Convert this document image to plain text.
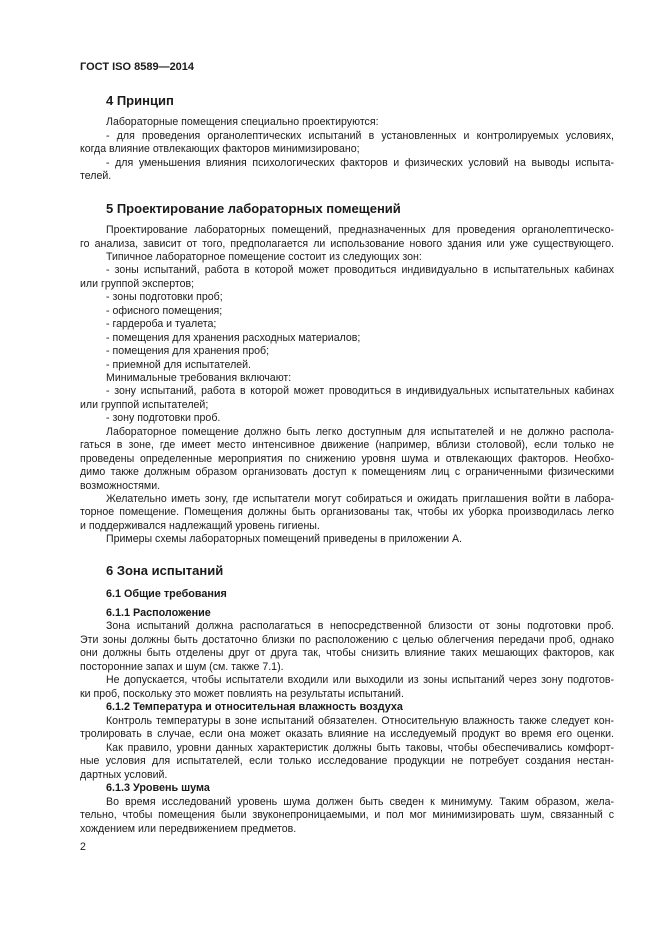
ГОСТ ISO 8589—2014
4 Принцип
Лабораторные помещения специально проектируются:
- для проведения органолептических испытаний в установленных и контролируемых условиях,
когда влияние отвлекающих факторов минимизировано;
- для уменьшения влияния психологических факторов и физических условий на выводы испыта-
телей.
5 Проектирование лабораторных помещений
Проектирование лабораторных помещений, предназначенных для проведения органолептическо-
го анализа, зависит от того, предполагается ли использование нового здания или уже существующего.
Типичное лабораторное помещение состоит из следующих зон:
- зоны испытаний, работа в которой может проводиться индивидуально в испытательных кабинах
или группой экспертов;
- зоны подготовки проб;
- офисного помещения;
- гардероба и туалета;
- помещения для хранения расходных материалов;
- помещения для хранения проб;
- приемной для испытателей.
Минимальные требования включают:
- зону испытаний, работа в которой может проводиться в индивидуальных испытательных кабинах
или группой испытателей;
- зону подготовки проб.
Лабораторное помещение должно быть легко доступным для испытателей и не должно распола-
гаться в зоне, где имеет место интенсивное движение (например, вблизи столовой), если только не
проведены определенные мероприятия по снижению уровня шума и отвлекающих факторов. Необхо-
димо также должным образом организовать доступ к помещениям лиц с ограниченными физическими
возможностями.
Желательно иметь зону, где испытатели могут собираться и ожидать приглашения войти в лабора-
торное помещение. Помещения должны быть организованы так, чтобы их уборка производилась легко
и поддерживался надлежащий уровень гигиены.
Примеры схемы лабораторных помещений приведены в приложении А.
6 Зона испытаний
6.1 Общие требования
6.1.1 Расположение
Зона испытаний должна располагаться в непосредственной близости от зоны подготовки проб.
Эти зоны должны быть достаточно близки по расположению с целью облегчения передачи проб, однако
они должны быть отделены друг от друга так, чтобы снизить влияние таких мешающих факторов, как
посторонние запах и шум (см. также 7.1).
Не допускается, чтобы испытатели входили или выходили из зоны испытаний через зону подготов-
ки проб, поскольку это может повлиять на результаты испытаний.
6.1.2 Температура и относительная влажность воздуха
Контроль температуры в зоне испытаний обязателен. Относительную влажность также следует кон-
тролировать в случае, если она может оказать влияние на исследуемый продукт во время его оценки.
Как правило, уровни данных характеристик должны быть таковы, чтобы обеспечивались комфорт-
ные условия для испытателей, если только исследование продукции не потребует создания нестан-
дартных условий.
6.1.3 Уровень шума
Во время исследований уровень шума должен быть сведен к минимуму. Таким образом, жела-
тельно, чтобы помещения были звуконепроницаемыми, и пол мог минимизировать шум, связанный с
хождением или передвижением предметов.
2
